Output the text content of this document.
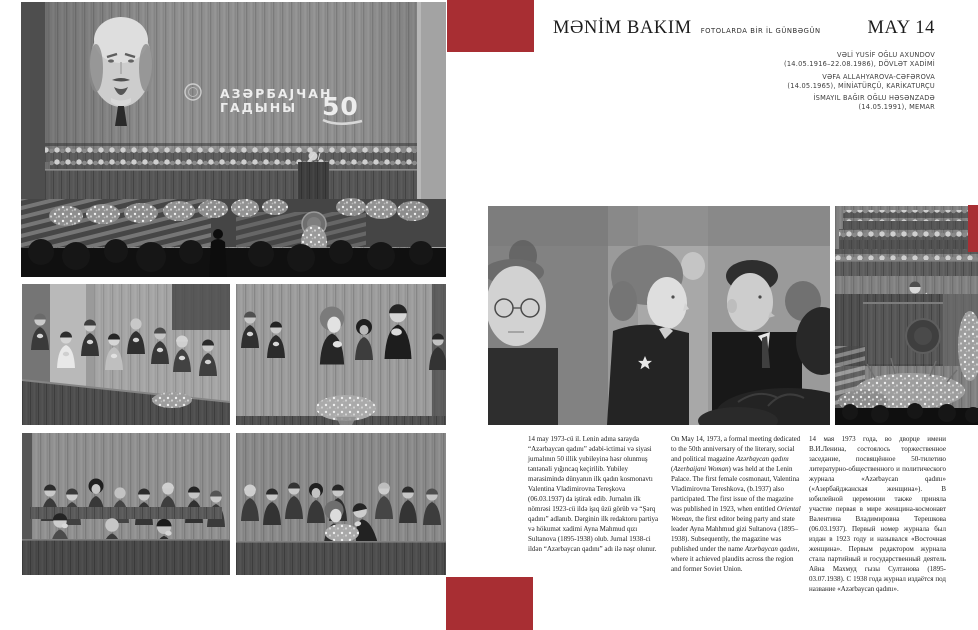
АЗӘРБАЈЧАН
ГАДЫНЫ 50
MƏNİM BAKIM FOTOLARDA BİR İL GÜNBƏGÜN	MAY 14
VƏLİ YUSİF OĞLU AXUNDOV
(14.05.1916–22.08.1986), DÖVLƏT XADİMİ
VƏFA ALLAHYAROVA-CƏFƏROVA
(14.05.1965), MİNİATÜRÇÜ, KARİKATURÇU
İSMAYIL BAĞIR OĞLU HƏSƏNZADƏ
(14.05.1991), MEMAR
14 may 1973-cü il. Lenin adına sarayda “Azərbaycan qadını” ədəbi-ictimai və siyasi jurnalının 50 illik yubileyinə həsr olunmuş təntənəli yığıncaq keçirilib. Yubiley mərasimində dünyanın ilk qadın kosmonavtı Valentina Vladimirovna Tereşkova (06.03.1937) da iştirak edib. Jurnalın ilk nömrəsi 1923-cü ildə işıq üzü görüb və “Şərq qadını” adlanıb. Dərginin ilk redaktoru partiya və hökumət xadimi Ayna Mahmud qızı Sultanova (1895-1938) olub. Jurnal 1938-ci ildən “Azərbaycan qadını” adı ilə nəşr olunur.
On May 14, 1973, a formal meeting dedicated to the 50th anniversary of the literary, social and political magazine Azərbaycan qadını (Azerbaijani Woman) was held at the Lenin Palace. The first female cosmonaut, Valentina Vladimirovna Tereshkova, (b.1937) also participated. The first issue of the magazine was published in 1923, when entitled Oriental Woman, the first editor being party and state leader Ayna Mahhmud gizi Sultanova (1895–1938). Subsequently, the magazine was published under the name Azərbaycan qadını, where it achieved plaudits across the region and former Soviet Union.
14 мая 1973 года, во дворце имени В.И.Ленина, состоялось торжественное заседание, посвящённое 50-тилетию литературно-общественного и политического журнала «Azərbaycan qadını» («Азербайджанская женщина»). В юбилейной церемонии также приняла участие первая в мире женщина-космонавт Валентина Владимировна Терешкова (06.03.1937). Первый номер журнала был издан в 1923 году и назывался «Восточная женщина». Первым редактором журнала стала партийный и государственный деятель Айна Махмуд гызы Султанова (1895-03.07.1938). С 1938 года журнал издаётся под название «Azərbaycan qadını».
